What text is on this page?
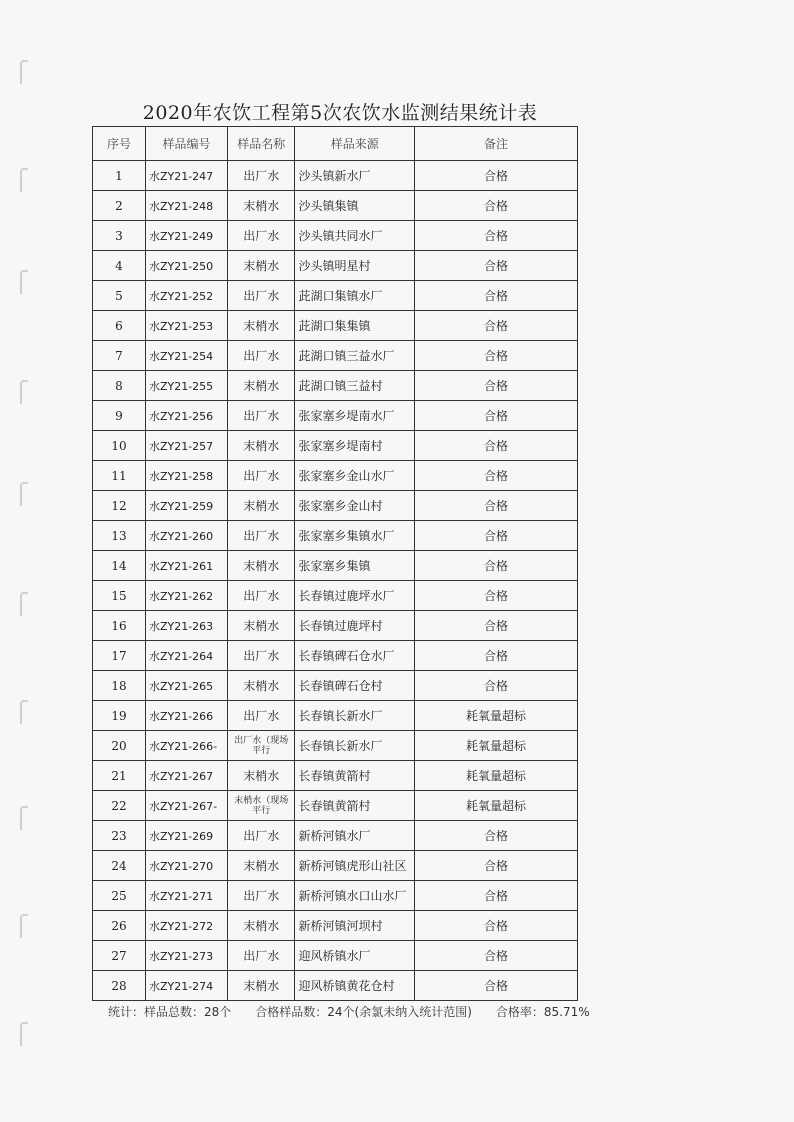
2020年农饮工程第5次农饮水监测结果统计表
序号	样品编号	样品名称	样品来源	备注
1	水ZY21-247	出厂水	沙头镇新水厂	合格
2	水ZY21-248	末梢水	沙头镇集镇	合格
3	水ZY21-249	出厂水	沙头镇共同水厂	合格
4	水ZY21-250	末梢水	沙头镇明星村	合格
5	水ZY21-252	出厂水	茈湖口集镇水厂	合格
6	水ZY21-253	末梢水	茈湖口集集镇	合格
7	水ZY21-254	出厂水	茈湖口镇三益水厂	合格
8	水ZY21-255	末梢水	茈湖口镇三益村	合格
9	水ZY21-256	出厂水	张家塞乡堤南水厂	合格
10	水ZY21-257	末梢水	张家塞乡堤南村	合格
11	水ZY21-258	出厂水	张家塞乡金山水厂	合格
12	水ZY21-259	末梢水	张家塞乡金山村	合格
13	水ZY21-260	出厂水	张家塞乡集镇水厂	合格
14	水ZY21-261	末梢水	张家塞乡集镇	合格
15	水ZY21-262	出厂水	长春镇过鹿坪水厂	合格
16	水ZY21-263	末梢水	长春镇过鹿坪村	合格
17	水ZY21-264	出厂水	长春镇碑石仓水厂	合格
18	水ZY21-265	末梢水	长春镇碑石仓村	合格
19	水ZY21-266	出厂水	长春镇长新水厂	耗氧量超标
20	水ZY21-266-	出厂水（现场平行	长春镇长新水厂	耗氧量超标
21	水ZY21-267	末梢水	长春镇黄箭村	耗氧量超标
22	水ZY21-267-	末梢水（现场平行	长春镇黄箭村	耗氧量超标
23	水ZY21-269	出厂水	新桥河镇水厂	合格
24	水ZY21-270	末梢水	新桥河镇虎形山社区	合格
25	水ZY21-271	出厂水	新桥河镇水口山水厂	合格
26	水ZY21-272	末梢水	新桥河镇河坝村	合格
27	水ZY21-273	出厂水	迎风桥镇水厂	合格
28	水ZY21-274	末梢水	迎风桥镇黄花仓村	合格
统计：样品总数：28个　　合格样品数：24个(余氯未纳入统计范围)　　合格率：85.71%
